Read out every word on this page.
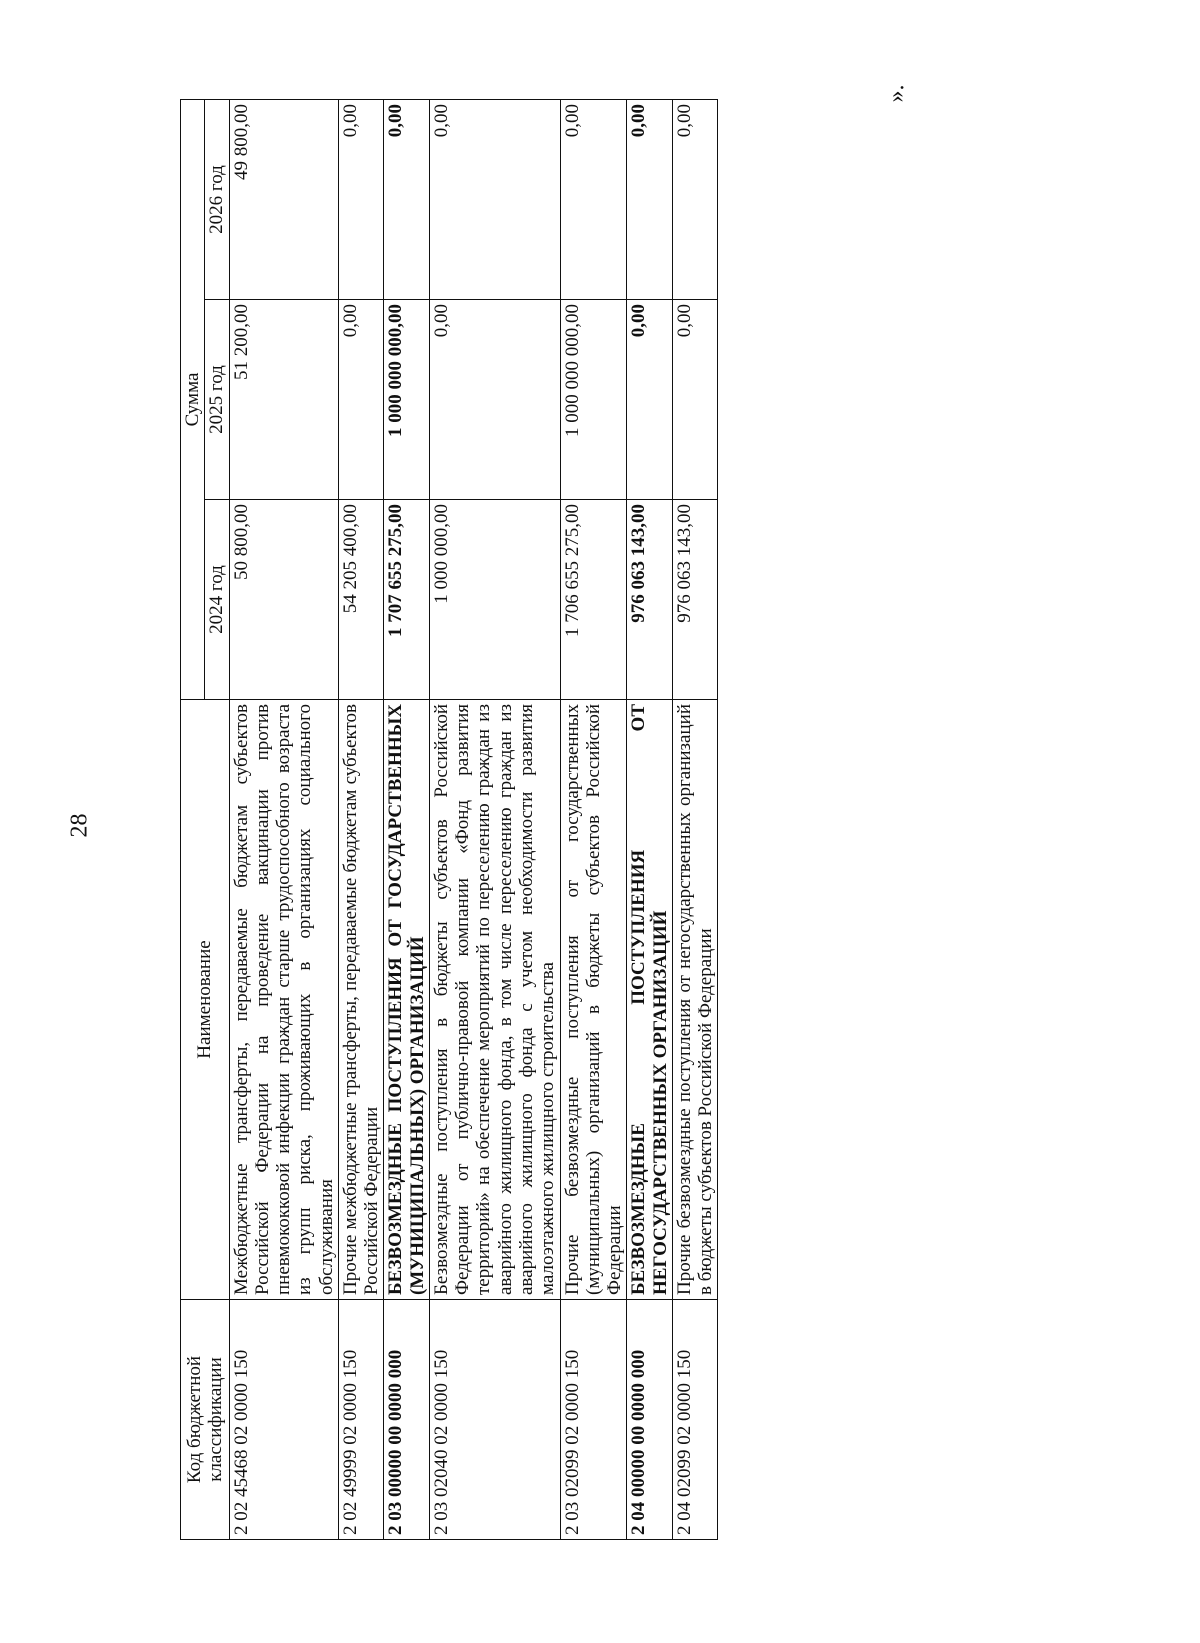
28
».
Код бюджетной классификации	Наименование	Сумма		
		2024 год	2025 год	2026 год
2 02 45468 02 0000 150	Межбюджетные трансферты, передаваемые бюджетам субъектов Российской Федерации на проведение вакцинации против пневмококковой инфекции граждан старше трудоспособного возраста из групп риска, проживающих в организациях социального обслуживания	50 800,00	51 200,00	49 800,00
2 02 49999 02 0000 150	Прочие межбюджетные трансферты, передаваемые бюджетам субъектов Российской Федерации	54 205 400,00	0,00	0,00
2 03 00000 00 0000 000	БЕЗВОЗМЕЗДНЫЕ ПОСТУПЛЕНИЯ ОТ ГОСУДАРСТВЕННЫХ (МУНИЦИПАЛЬНЫХ) ОРГАНИЗАЦИЙ	1 707 655 275,00	1 000 000 000,00	0,00
2 03 02040 02 0000 150	Безвозмездные поступления в бюджеты субъектов Российской Федерации от публично-правовой компании «Фонд развития территорий» на обеспечение мероприятий по переселению граждан из аварийного жилищного фонда, в том числе переселению граждан из аварийного жилищного фонда с учетом необходимости развития малоэтажного жилищного строительства	1 000 000,00	0,00	0,00
2 03 02099 02 0000 150	Прочие безвозмездные поступления от государственных (муниципальных) организаций в бюджеты субъектов Российской Федерации	1 706 655 275,00	1 000 000 000,00	0,00
2 04 00000 00 0000 000	БЕЗВОЗМЕЗДНЫЕ ПОСТУПЛЕНИЯ ОТ НЕГОСУДАРСТВЕННЫХ ОРГАНИЗАЦИЙ	976 063 143,00	0,00	0,00
2 04 02099 02 0000 150	Прочие безвозмездные поступления от негосударственных организаций в бюджеты субъектов Российской Федерации	976 063 143,00	0,00	0,00
